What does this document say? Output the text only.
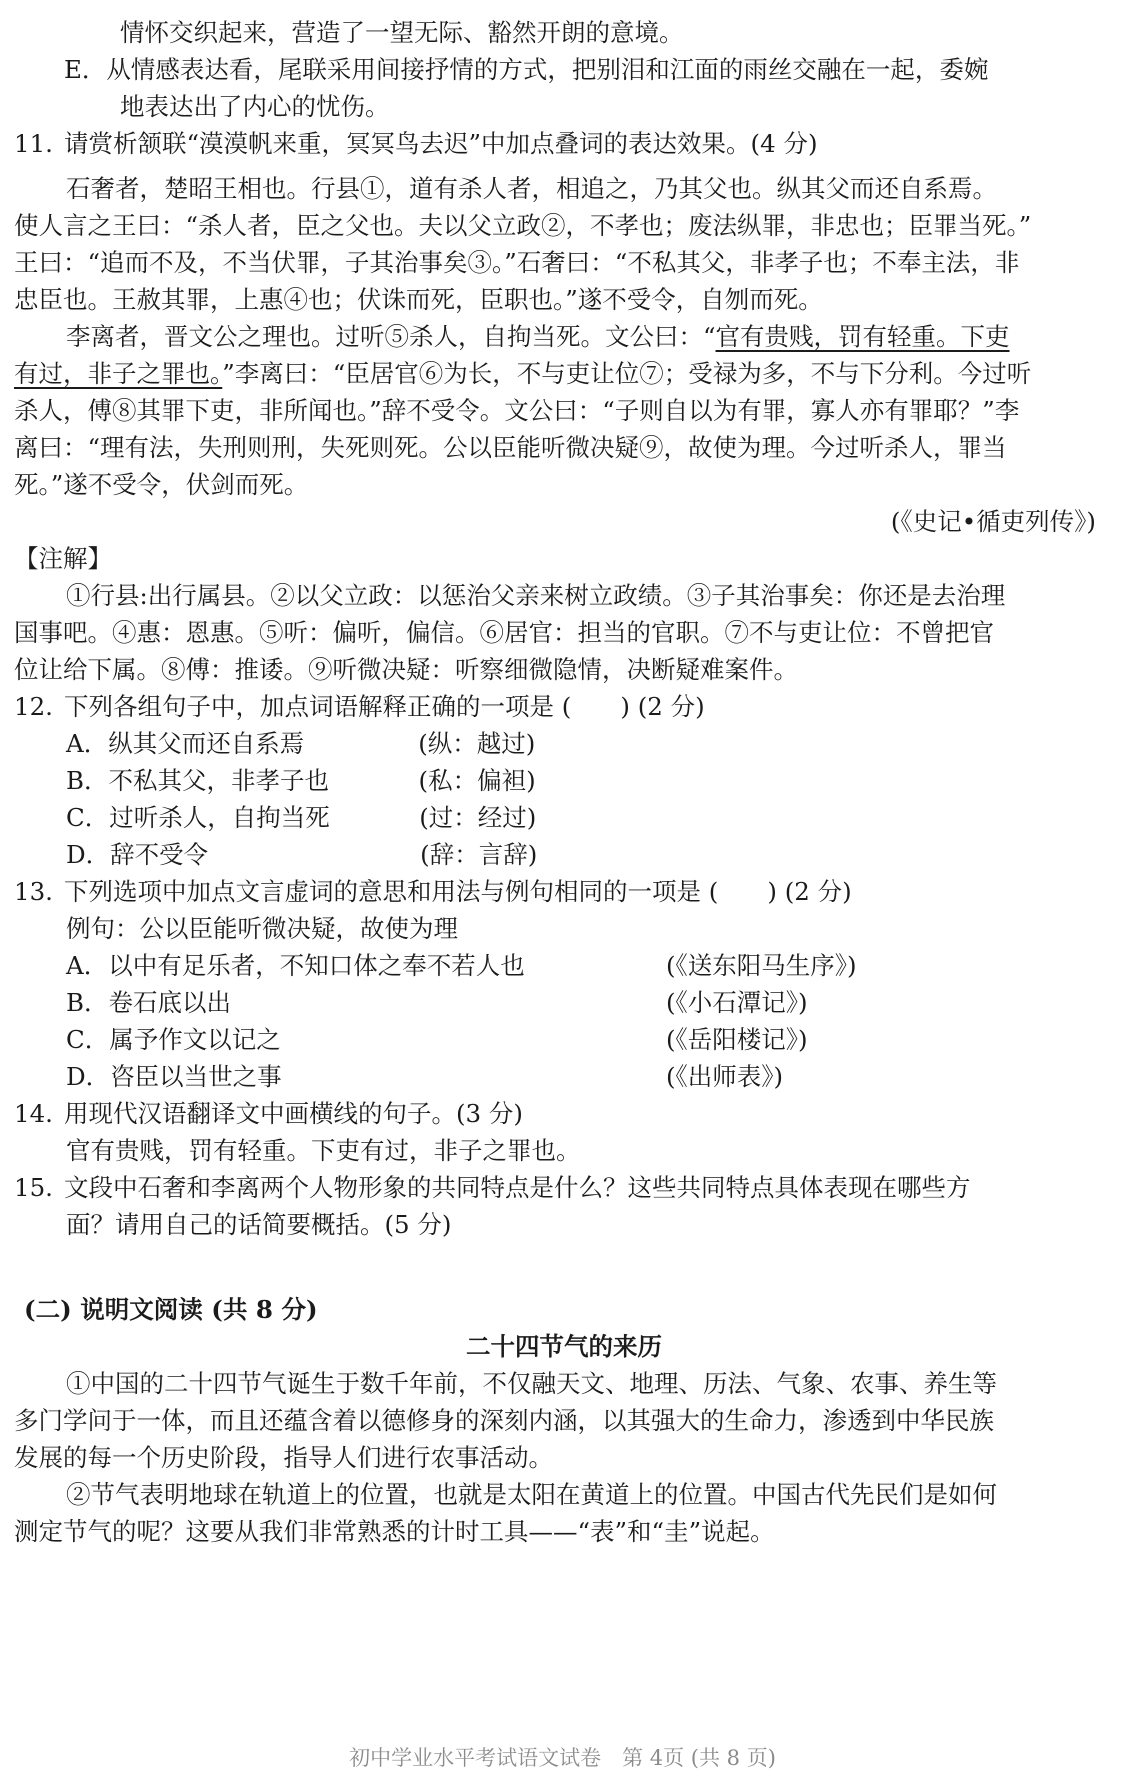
情怀交织起来，营造了一望无际、豁然开朗的意境。
E．从情感表达看，尾联采用间接抒情的方式，把别泪和江面的雨丝交融在一起，委婉
地表达出了内心的忧伤。
11. 请赏析颔联“漠漠帆来重，冥冥鸟去迟”中加点叠词的表达效果。(4 分)
石奢者，楚昭王相也。行县①，道有杀人者，相追之，乃其父也。纵其父而还自系焉。
使人言之王曰：“杀人者，臣之父也。夫以父立政②，不孝也；废法纵罪，非忠也；臣罪当死。”
王曰：“追而不及，不当伏罪，子其治事矣③。”石奢曰：“不私其父，非孝子也；不奉主法，非
忠臣也。王赦其罪，上惠④也；伏诛而死，臣职也。”遂不受令，自刎而死。
李离者，晋文公之理也。过听⑤杀人，自拘当死。文公曰：“官有贵贱，罚有轻重。下吏
有过，非子之罪也。”李离曰：“臣居官⑥为长，不与吏让位⑦；受禄为多，不与下分利。今过听
杀人，傅⑧其罪下吏，非所闻也。”辞不受令。文公曰：“子则自以为有罪，寡人亦有罪耶？”李
离曰：“理有法，失刑则刑，失死则死。公以臣能听微决疑⑨，故使为理。今过听杀人，罪当
死。”遂不受令，伏剑而死。
(《史记•循吏列传》)
【注解】
①行县:出行属县。②以父立政：以惩治父亲来树立政绩。③子其治事矣：你还是去治理
国事吧。④惠：恩惠。⑤听：偏听，偏信。⑥居官：担当的官职。⑦不与吏让位：不曾把官
位让给下属。⑧傅：推诿。⑨听微决疑：听察细微隐情，决断疑难案件。
12. 下列各组句子中，加点词语解释正确的一项是 (　　) (2 分)
A．纵其父而还自系焉	(纵：越过)
B．不私其父，非孝子也	(私：偏袒)
C．过听杀人，自拘当死	(过：经过)
D．辞不受令	(辞：言辞)
13. 下列选项中加点文言虚词的意思和用法与例句相同的一项是 (　　) (2 分)
例句：公以臣能听微决疑，故使为理
A．以中有足乐者，不知口体之奉不若人也	(《送东阳马生序》)
B．卷石底以出	(《小石潭记》)
C．属予作文以记之	(《岳阳楼记》)
D．咨臣以当世之事	(《出师表》)
14. 用现代汉语翻译文中画横线的句子。(3 分)
官有贵贱，罚有轻重。下吏有过，非子之罪也。
15. 文段中石奢和李离两个人物形象的共同特点是什么？这些共同特点具体表现在哪些方
面？请用自己的话简要概括。(5 分)
(二) 说明文阅读 (共 8 分)
二十四节气的来历
①中国的二十四节气诞生于数千年前，不仅融天文、地理、历法、气象、农事、养生等
多门学问于一体，而且还蕴含着以德修身的深刻内涵，以其强大的生命力，渗透到中华民族
发展的每一个历史阶段，指导人们进行农事活动。
②节气表明地球在轨道上的位置，也就是太阳在黄道上的位置。中国古代先民们是如何
测定节气的呢？这要从我们非常熟悉的计时工具——“表”和“圭”说起。
初中学业水平考试语文试卷　第 4页 (共 8 页)
